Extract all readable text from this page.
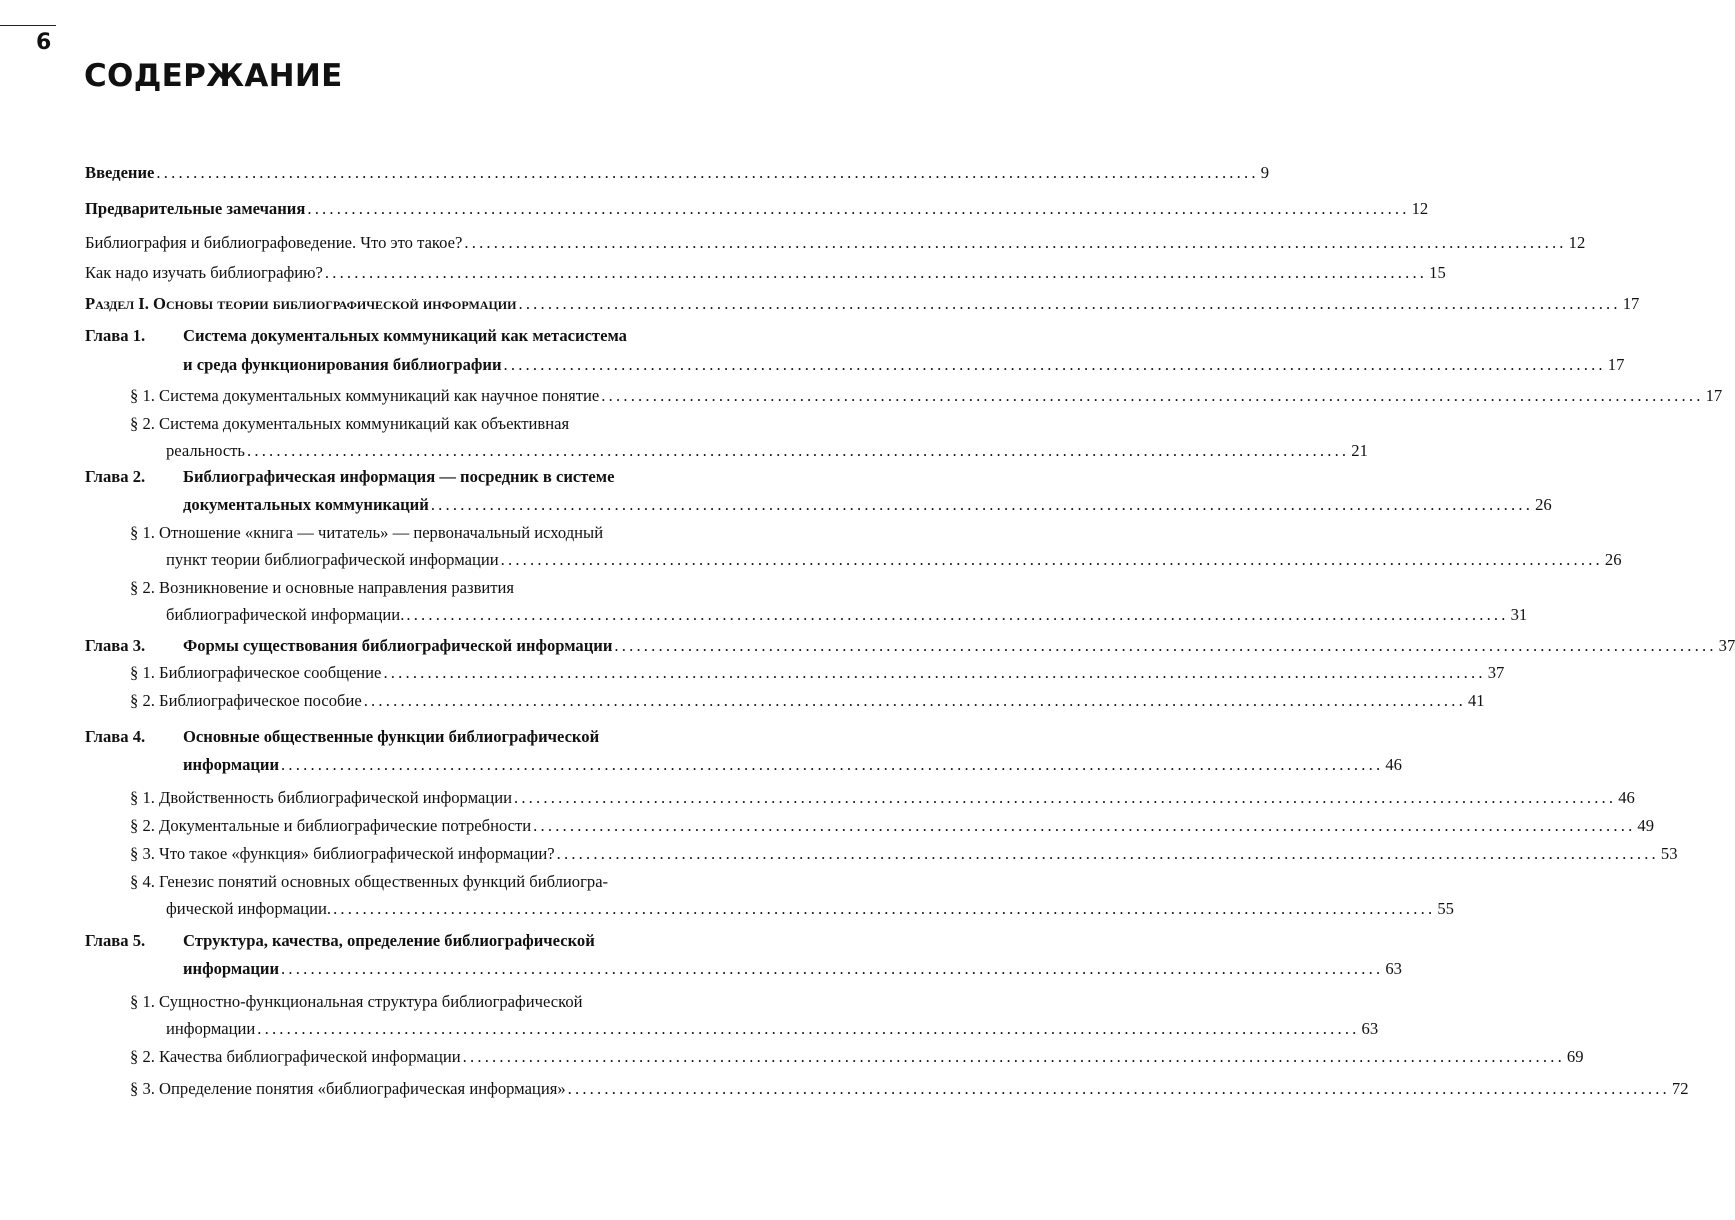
6
СОДЕРЖАНИЕ
Введение .....	9
Предварительные замечания .....	12
Библиография и библиографоведение. Что это такое? .....	12
Как надо изучать библиографию? .....	15
Раздел I. Основы теории библиографической информации .....	17
Глава 1. Система документальных коммуникаций как метасистема
и среда функционирования библиографии .....	17
§ 1. Система документальных коммуникаций как научное понятие .....	17
§ 2. Система документальных коммуникаций как объективная
реальность .....	21
Глава 2. Библиографическая информация — посредник в системе
документальных коммуникаций .....	26
§ 1. Отношение «книга — читатель» — первоначальный исходный
пункт теории библиографической информации .....	26
§ 2. Возникновение и основные направления развития
библиографической информации. .....	31
Глава 3. Формы существования библиографической информации .....	37
§ 1. Библиографическое сообщение .....	37
§ 2. Библиографическое пособие .....	41
Глава 4. Основные общественные функции библиографической
информации .....	46
§ 1. Двойственность библиографической информации .....	46
§ 2. Документальные и библиографические потребности .....	49
§ 3. Что такое «функция» библиографической информации? .....	53
§ 4. Генезис понятий основных общественных функций библиогра-
фической информации. .....	55
Глава 5. Структура, качества, определение библиографической
информации .....	63
§ 1. Сущностно-функциональная структура библиографической
информации .....	63
§ 2. Качества библиографической информации .....	69
§ 3. Определение понятия «библиографическая информация» .....	72
